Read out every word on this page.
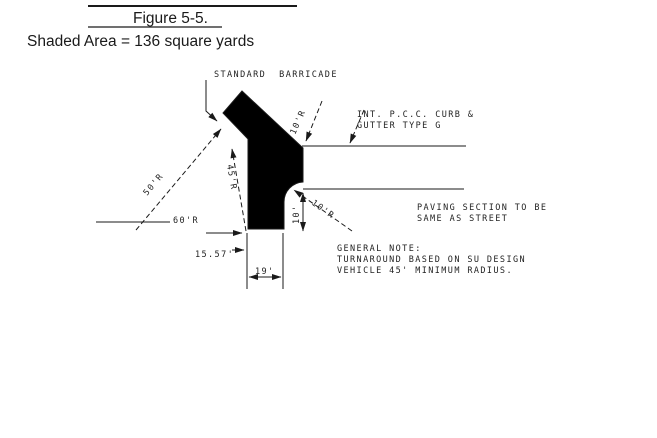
Figure 5-5.
Shaded Area = 136 square yards
STANDARD  BARRICADE
50'R
60'R
45'R
10'R	INT. P.C.C. CURB &
GUTTER TYPE G
10'R
10'
15.57'
19'
PAVING SECTION TO BE
SAME AS STREET
GENERAL NOTE:
TURNAROUND BASED ON SU DESIGN
VEHICLE 45' MINIMUM RADIUS.
